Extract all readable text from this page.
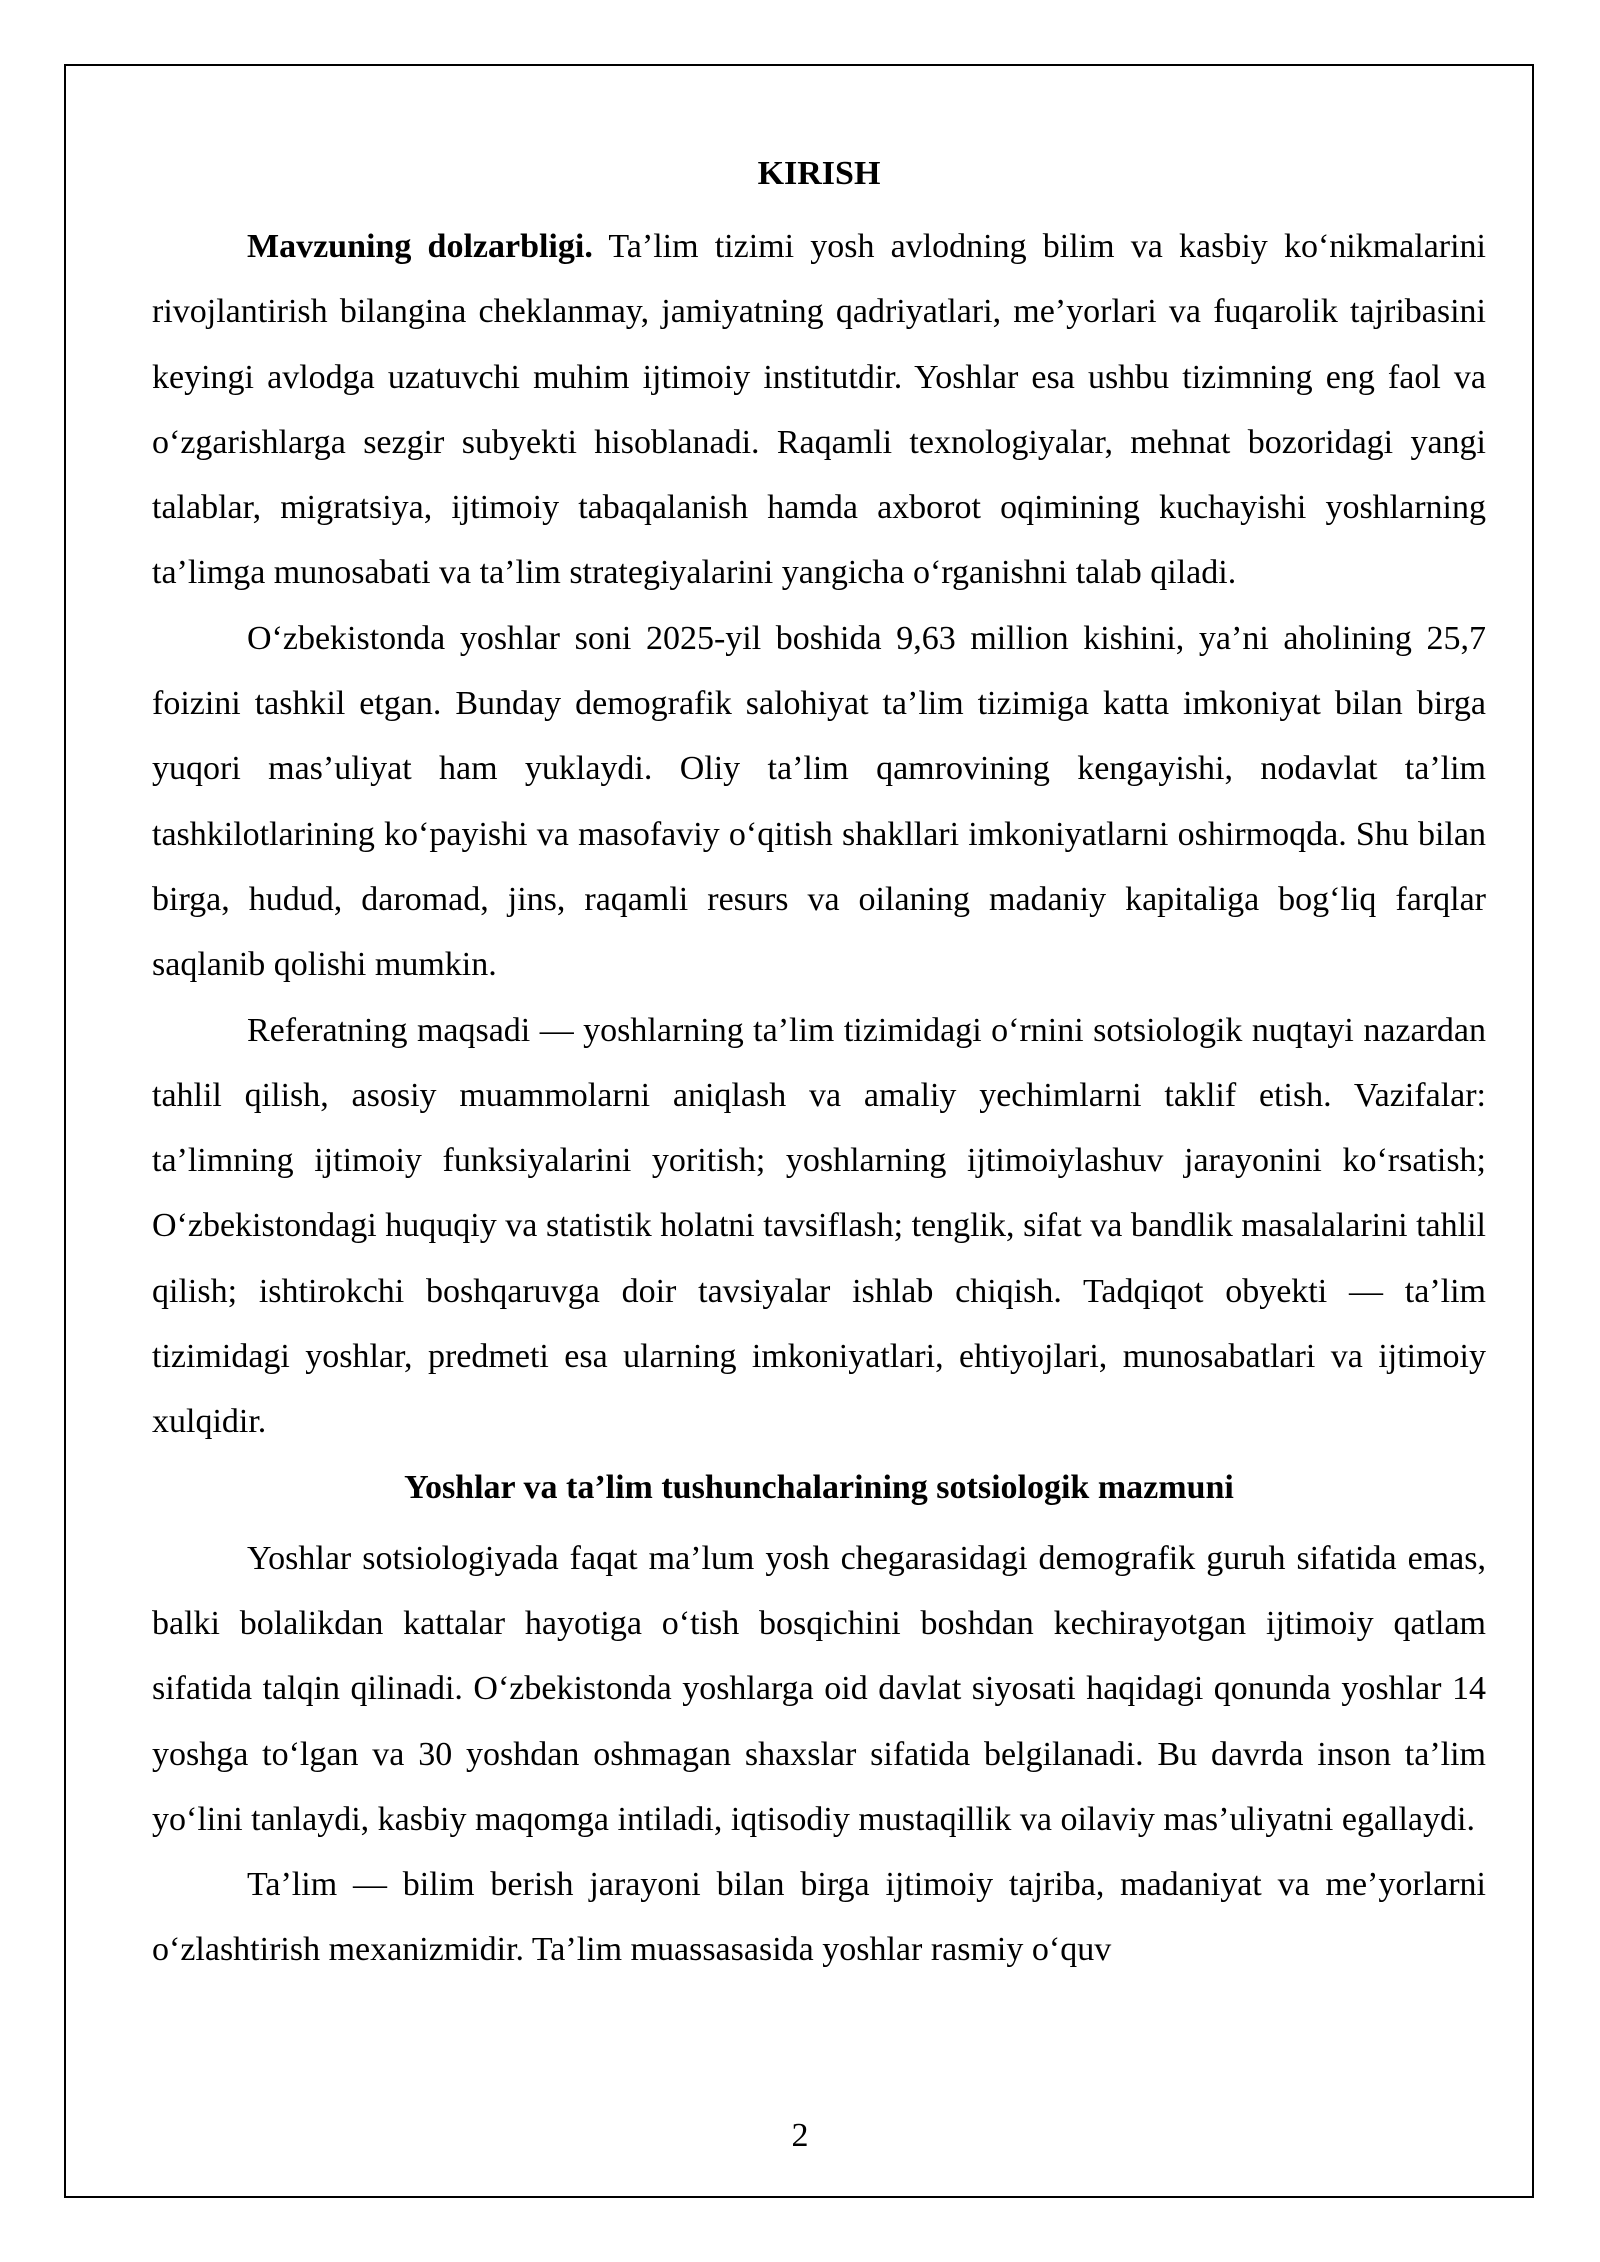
KIRISH

Mavzuning dolzarbligi. Ta’lim tizimi yosh avlodning bilim va kasbiy ko‘nikmalarini rivojlantirish bilangina cheklanmay, jamiyatning qadriyatlari, me’yorlari va fuqarolik tajribasini keyingi avlodga uzatuvchi muhim ijtimoiy institutdir. Yoshlar esa ushbu tizimning eng faol va o‘zgarishlarga sezgir subyekti hisoblanadi. Raqamli texnologiyalar, mehnat bozoridagi yangi talablar, migratsiya, ijtimoiy tabaqalanish hamda axborot oqimining kuchayishi yoshlarning ta’limga munosabati va ta’lim strategiyalarini yangicha o‘rganishni talab qiladi.

O‘zbekistonda yoshlar soni 2025-yil boshida 9,63 million kishini, ya’ni aholining 25,7 foizini tashkil etgan. Bunday demografik salohiyat ta’lim tizimiga katta imkoniyat bilan birga yuqori mas’uliyat ham yuklaydi. Oliy ta’lim qamrovining kengayishi, nodavlat ta’lim tashkilotlarining ko‘payishi va masofaviy o‘qitish shakllari imkoniyatlarni oshirmoqda. Shu bilan birga, hudud, daromad, jins, raqamli resurs va oilaning madaniy kapitaliga bog‘liq farqlar saqlanib qolishi mumkin.

Referatning maqsadi — yoshlarning ta’lim tizimidagi o‘rnini sotsiologik nuqtayi nazardan tahlil qilish, asosiy muammolarni aniqlash va amaliy yechimlarni taklif etish. Vazifalar: ta’limning ijtimoiy funksiyalarini yoritish; yoshlarning ijtimoiylashuv jarayonini ko‘rsatish; O‘zbekistondagi huquqiy va statistik holatni tavsiflash; tenglik, sifat va bandlik masalalarini tahlil qilish; ishtirokchi boshqaruvga doir tavsiyalar ishlab chiqish. Tadqiqot obyekti — ta’lim tizimidagi yoshlar, predmeti esa ularning imkoniyatlari, ehtiyojlari, munosabatlari va ijtimoiy xulqidir.

Yoshlar va ta’lim tushunchalarining sotsiologik mazmuni

Yoshlar sotsiologiyada faqat ma’lum yosh chegarasidagi demografik guruh sifatida emas, balki bolalikdan kattalar hayotiga o‘tish bosqichini boshdan kechirayotgan ijtimoiy qatlam sifatida talqin qilinadi. O‘zbekistonda yoshlarga oid davlat siyosati haqidagi qonunda yoshlar 14 yoshga to‘lgan va 30 yoshdan oshmagan shaxslar sifatida belgilanadi. Bu davrda inson ta’lim yo‘lini tanlaydi, kasbiy maqomga intiladi, iqtisodiy mustaqillik va oilaviy mas’uliyatni egallaydi.

Ta’lim — bilim berish jarayoni bilan birga ijtimoiy tajriba, madaniyat va me’yorlarni o‘zlashtirish mexanizmidir. Ta’lim muassasasida yoshlar rasmiy o‘quv

2
